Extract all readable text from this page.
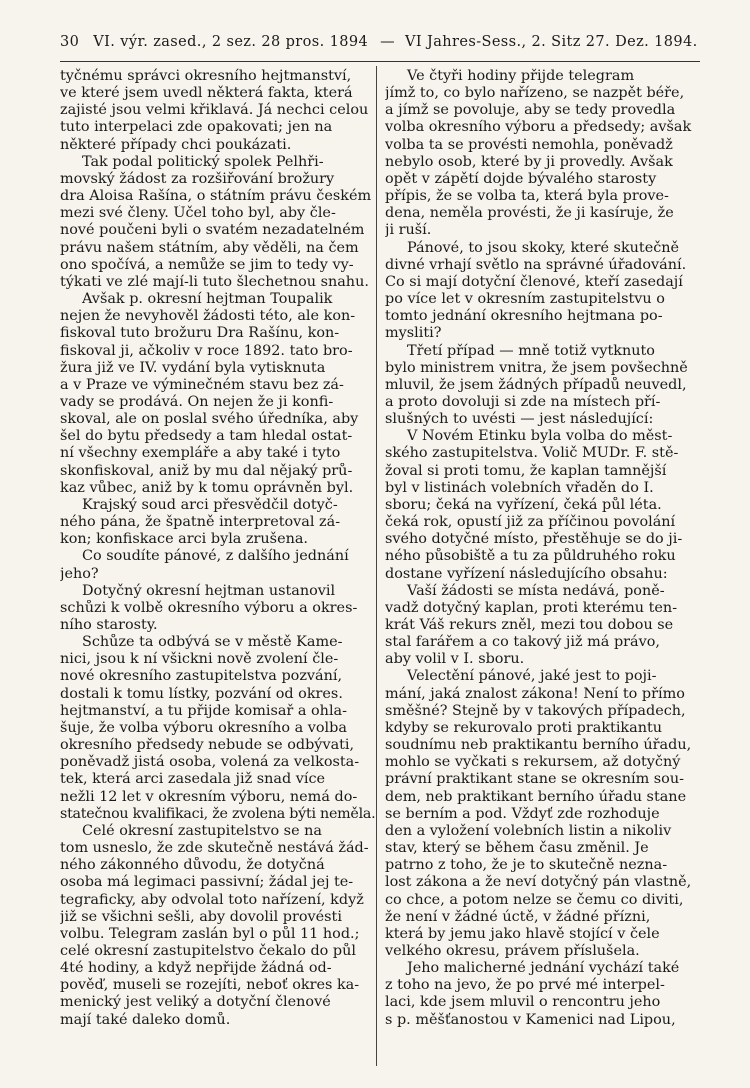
30 VI. výr. zased., 2 sez. 28 pros. 1894 — VI Jahres-Sess., 2. Sitz 27. Dez. 1894.
tyčnému správci okresního hejtmanství,
ve které jsem uvedl některá fakta, která
zajisté jsou velmi křiklavá. Já nechci celou
tuto interpelaci zde opakovati; jen na
některé případy chci poukázati.
Tak podal politický spolek Pelhři-
movský žádost za rozšiřování brožury
dra Aloisa Rašína, o státním právu českém
mezi své členy. Účel toho byl, aby čle-
nové poučeni byli o svatém nezadatelném
právu našem státním, aby věděli, na čem
ono spočívá, a nemůže se jim to tedy vy-
týkati ve zlé mají-li tuto šlechetnou snahu.
Avšak p. okresní hejtman Toupalik
nejen že nevyhověl žádosti této, ale kon-
fiskoval tuto brožuru Dra Rašínu, kon-
fiskoval ji, ačkoliv v roce 1892. tato bro-
žura již ve IV. vydání byla vytisknuta
a v Praze ve výminečném stavu bez zá-
vady se prodává. On nejen že ji konfi-
skoval, ale on poslal svého úředníka, aby
šel do bytu předsedy a tam hledal ostat-
ní všechny exempláře a aby také i tyto
skonfiskoval, aniž by mu dal nějaký prů-
kaz vůbec, aniž by k tomu oprávněn byl.
Krajský soud arci přesvědčil dotyč-
ného pána, že špatně interpretoval zá-
kon; konfiskace arci byla zrušena.
Co soudíte pánové, z dalšího jednání
jeho?
Dotyčný okresní hejtman ustanovil
schůzi k volbě okresního výboru a okres-
ního starosty.
Schůze ta odbývá se v městě Kame-
nici, jsou k ní všickni nově zvolení čle-
nové okresního zastupitelstva pozvání,
dostali k tomu lístky, pozvání od okres.
hejtmanství, a tu přijde komisař a ohla-
šuje, že volba výboru okresního a volba
okresního předsedy nebude se odbývati,
poněvadž jistá osoba, volená za velkosta-
tek, která arci zasedala již snad více
nežli 12 let v okresním výboru, nemá do-
statečnou kvalifikaci, že zvolena býti neměla.
Celé okresní zastupitelstvo se na
tom usneslo, že zde skutečně nestává žád-
ného zákonného důvodu, že dotyčná
osoba má legimaci passivní; žádal jej te-
tegraficky, aby odvolal toto nařízení, když
již se všichni sešli, aby dovolil provésti
volbu. Telegram zaslán byl o půl 11 hod.;
celé okresní zastupitelstvo čekalo do půl
4té hodiny, a když nepřijde žádná od-
pověď, museli se rozejíti, neboť okres ka-
menický jest veliký a dotyční členové
mají také daleko domů.
Ve čtyři hodiny přijde telegram
jímž to, co bylo nařízeno, se nazpět béře,
a jímž se povoluje, aby se tedy provedla
volba okresního výboru a předsedy; avšak
volba ta se provésti nemohla, poněvadž
nebylo osob, které by ji provedly. Avšak
opět v zápětí dojde bývalého starosty
přípis, že se volba ta, která byla prove-
dena, neměla provésti, že ji kasíruje, že
ji ruší.
Pánové, to jsou skoky, které skutečně
divné vrhají světlo na správné úřadování.
Co si mají dotyční členové, kteří zasedají
po více let v okresním zastupitelstvu o
tomto jednání okresního hejtmana po-
mysliti?
Třetí případ — mně totiž vytknuto
bylo ministrem vnitra, že jsem povšechně
mluvil, že jsem žádných případů neuvedl,
a proto dovoluji si zde na místech pří-
slušných to uvésti — jest následující:
V Novém Etinku byla volba do měst-
ského zastupitelstva. Volič MUDr. F. stě-
žoval si proti tomu, že kaplan tamnější
byl v listinách volebních vřaděn do I.
sboru; čeká na vyřízení, čeká půl léta.
čeká rok, opustí již za příčinou povolání
svého dotyčné místo, přestěhuje se do ji-
ného působiště a tu za půldruhého roku
dostane vyřízení následujícího obsahu:
Vaší žádosti se místa nedává, poně-
vadž dotyčný kaplan, proti kterému ten-
krát Váš rekurs zněl, mezi tou dobou se
stal farářem a co takový již má právo,
aby volil v I. sboru.
Velectění pánové, jaké jest to poji-
mání, jaká znalost zákona! Není to přímo
směšné? Stejně by v takových případech,
kdyby se rekurovalo proti praktikantu
soudnímu neb praktikantu berního úřadu,
mohlo se vyčkati s rekursem, až dotyčný
právní praktikant stane se okresním sou-
dem, neb praktikant berního úřadu stane
se berním a pod. Vždyť zde rozhoduje
den a vyložení volebních listin a nikoliv
stav, který se během času změnil. Je
patrno z toho, že je to skutečně nezna-
lost zákona a že neví dotyčný pán vlastně,
co chce, a potom nelze se čemu co diviti,
že není v žádné úctě, v žádné přízni,
která by jemu jako hlavě stojící v čele
velkého okresu, právem příslušela.
Jeho malicherné jednání vychází také
z toho na jevo, že po prvé mé interpel-
laci, kde jsem mluvil o rencontru jeho
s p. měšťanostou v Kamenici nad Lipou,
